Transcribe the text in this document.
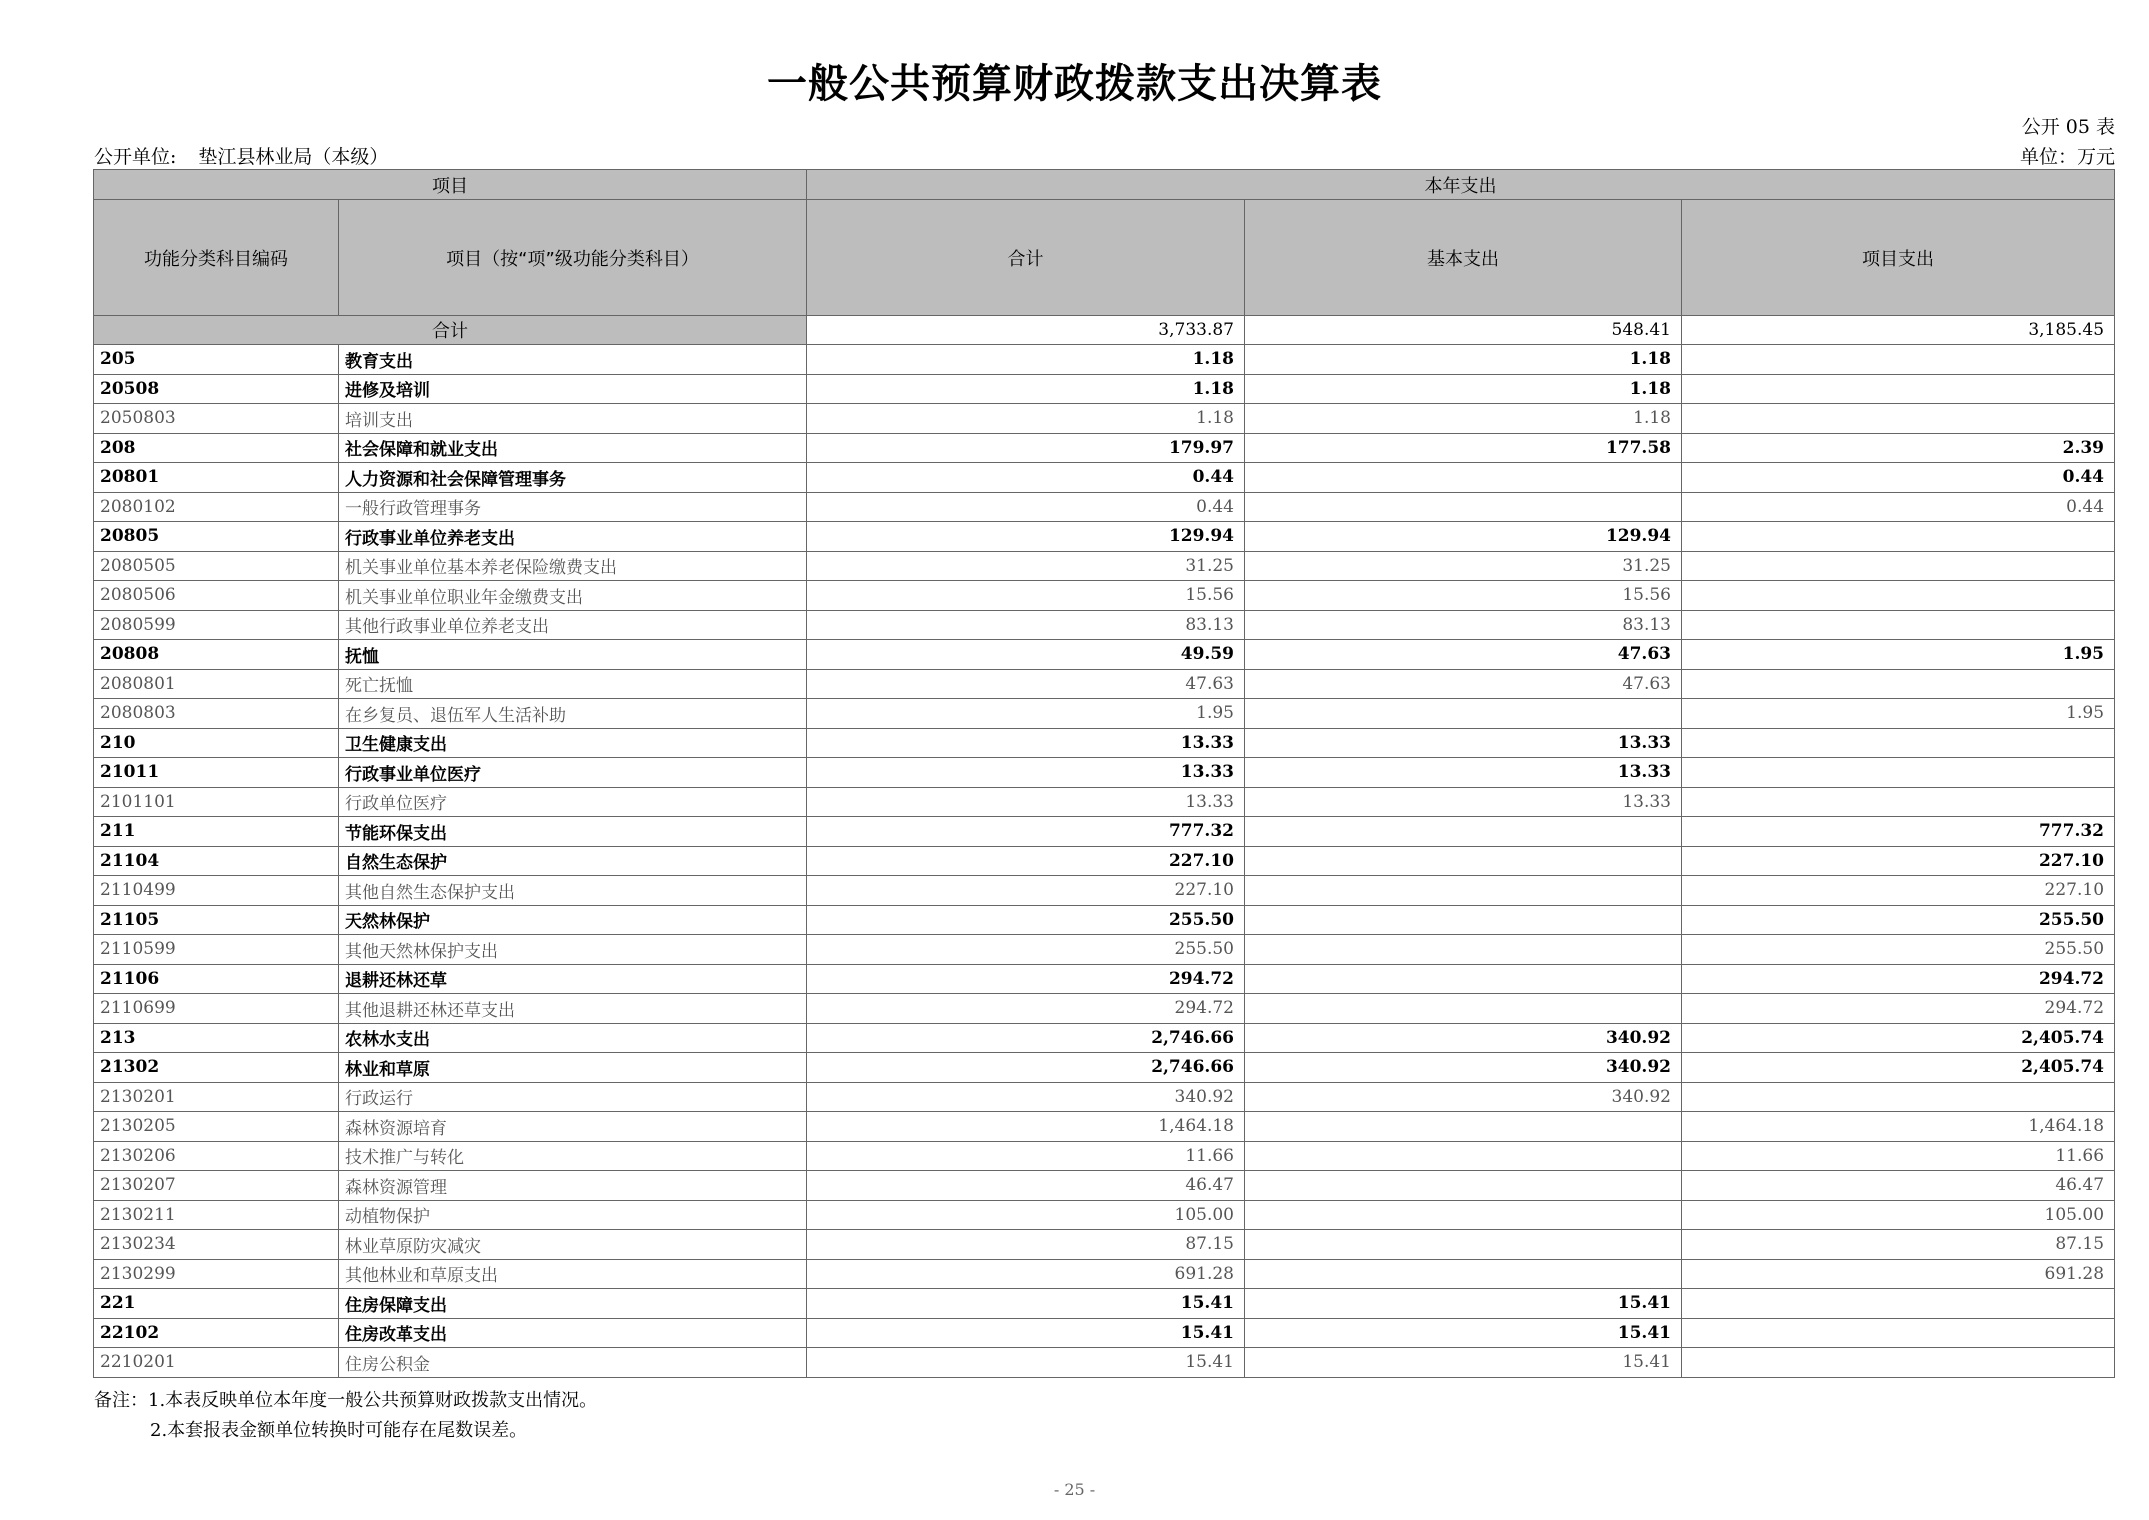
一般公共预算财政拨款支出决算表
公开 05 表
公开单位: 垫江县林业局（本级）	单位：万元
项目		本年支出		
功能分类科目编码	项目（按“项”级功能分类科目）	合计	基本支出	项目支出
合计		3,733.87	548.41	3,185.45
205	教育支出	1.18	1.18	
20508	进修及培训	1.18	1.18	
2050803	培训支出	1.18	1.18	
208	社会保障和就业支出	179.97	177.58	2.39
20801	人力资源和社会保障管理事务	0.44		0.44
2080102	一般行政管理事务	0.44		0.44
20805	行政事业单位养老支出	129.94	129.94	
2080505	机关事业单位基本养老保险缴费支出	31.25	31.25	
2080506	机关事业单位职业年金缴费支出	15.56	15.56	
2080599	其他行政事业单位养老支出	83.13	83.13	
20808	抚恤	49.59	47.63	1.95
2080801	死亡抚恤	47.63	47.63	
2080803	在乡复员、退伍军人生活补助	1.95		1.95
210	卫生健康支出	13.33	13.33	
21011	行政事业单位医疗	13.33	13.33	
2101101	行政单位医疗	13.33	13.33	
211	节能环保支出	777.32		777.32
21104	自然生态保护	227.10		227.10
2110499	其他自然生态保护支出	227.10		227.10
21105	天然林保护	255.50		255.50
2110599	其他天然林保护支出	255.50		255.50
21106	退耕还林还草	294.72		294.72
2110699	其他退耕还林还草支出	294.72		294.72
213	农林水支出	2,746.66	340.92	2,405.74
21302	林业和草原	2,746.66	340.92	2,405.74
2130201	行政运行	340.92	340.92	
2130205	森林资源培育	1,464.18		1,464.18
2130206	技术推广与转化	11.66		11.66
2130207	森林资源管理	46.47		46.47
2130211	动植物保护	105.00		105.00
2130234	林业草原防灾减灾	87.15		87.15
2130299	其他林业和草原支出	691.28		691.28
221	住房保障支出	15.41	15.41	
22102	住房改革支出	15.41	15.41	
2210201	住房公积金	15.41	15.41	
备注：1.本表反映单位本年度一般公共预算财政拨款支出情况。
2.本套报表金额单位转换时可能存在尾数误差。
- 25 -
